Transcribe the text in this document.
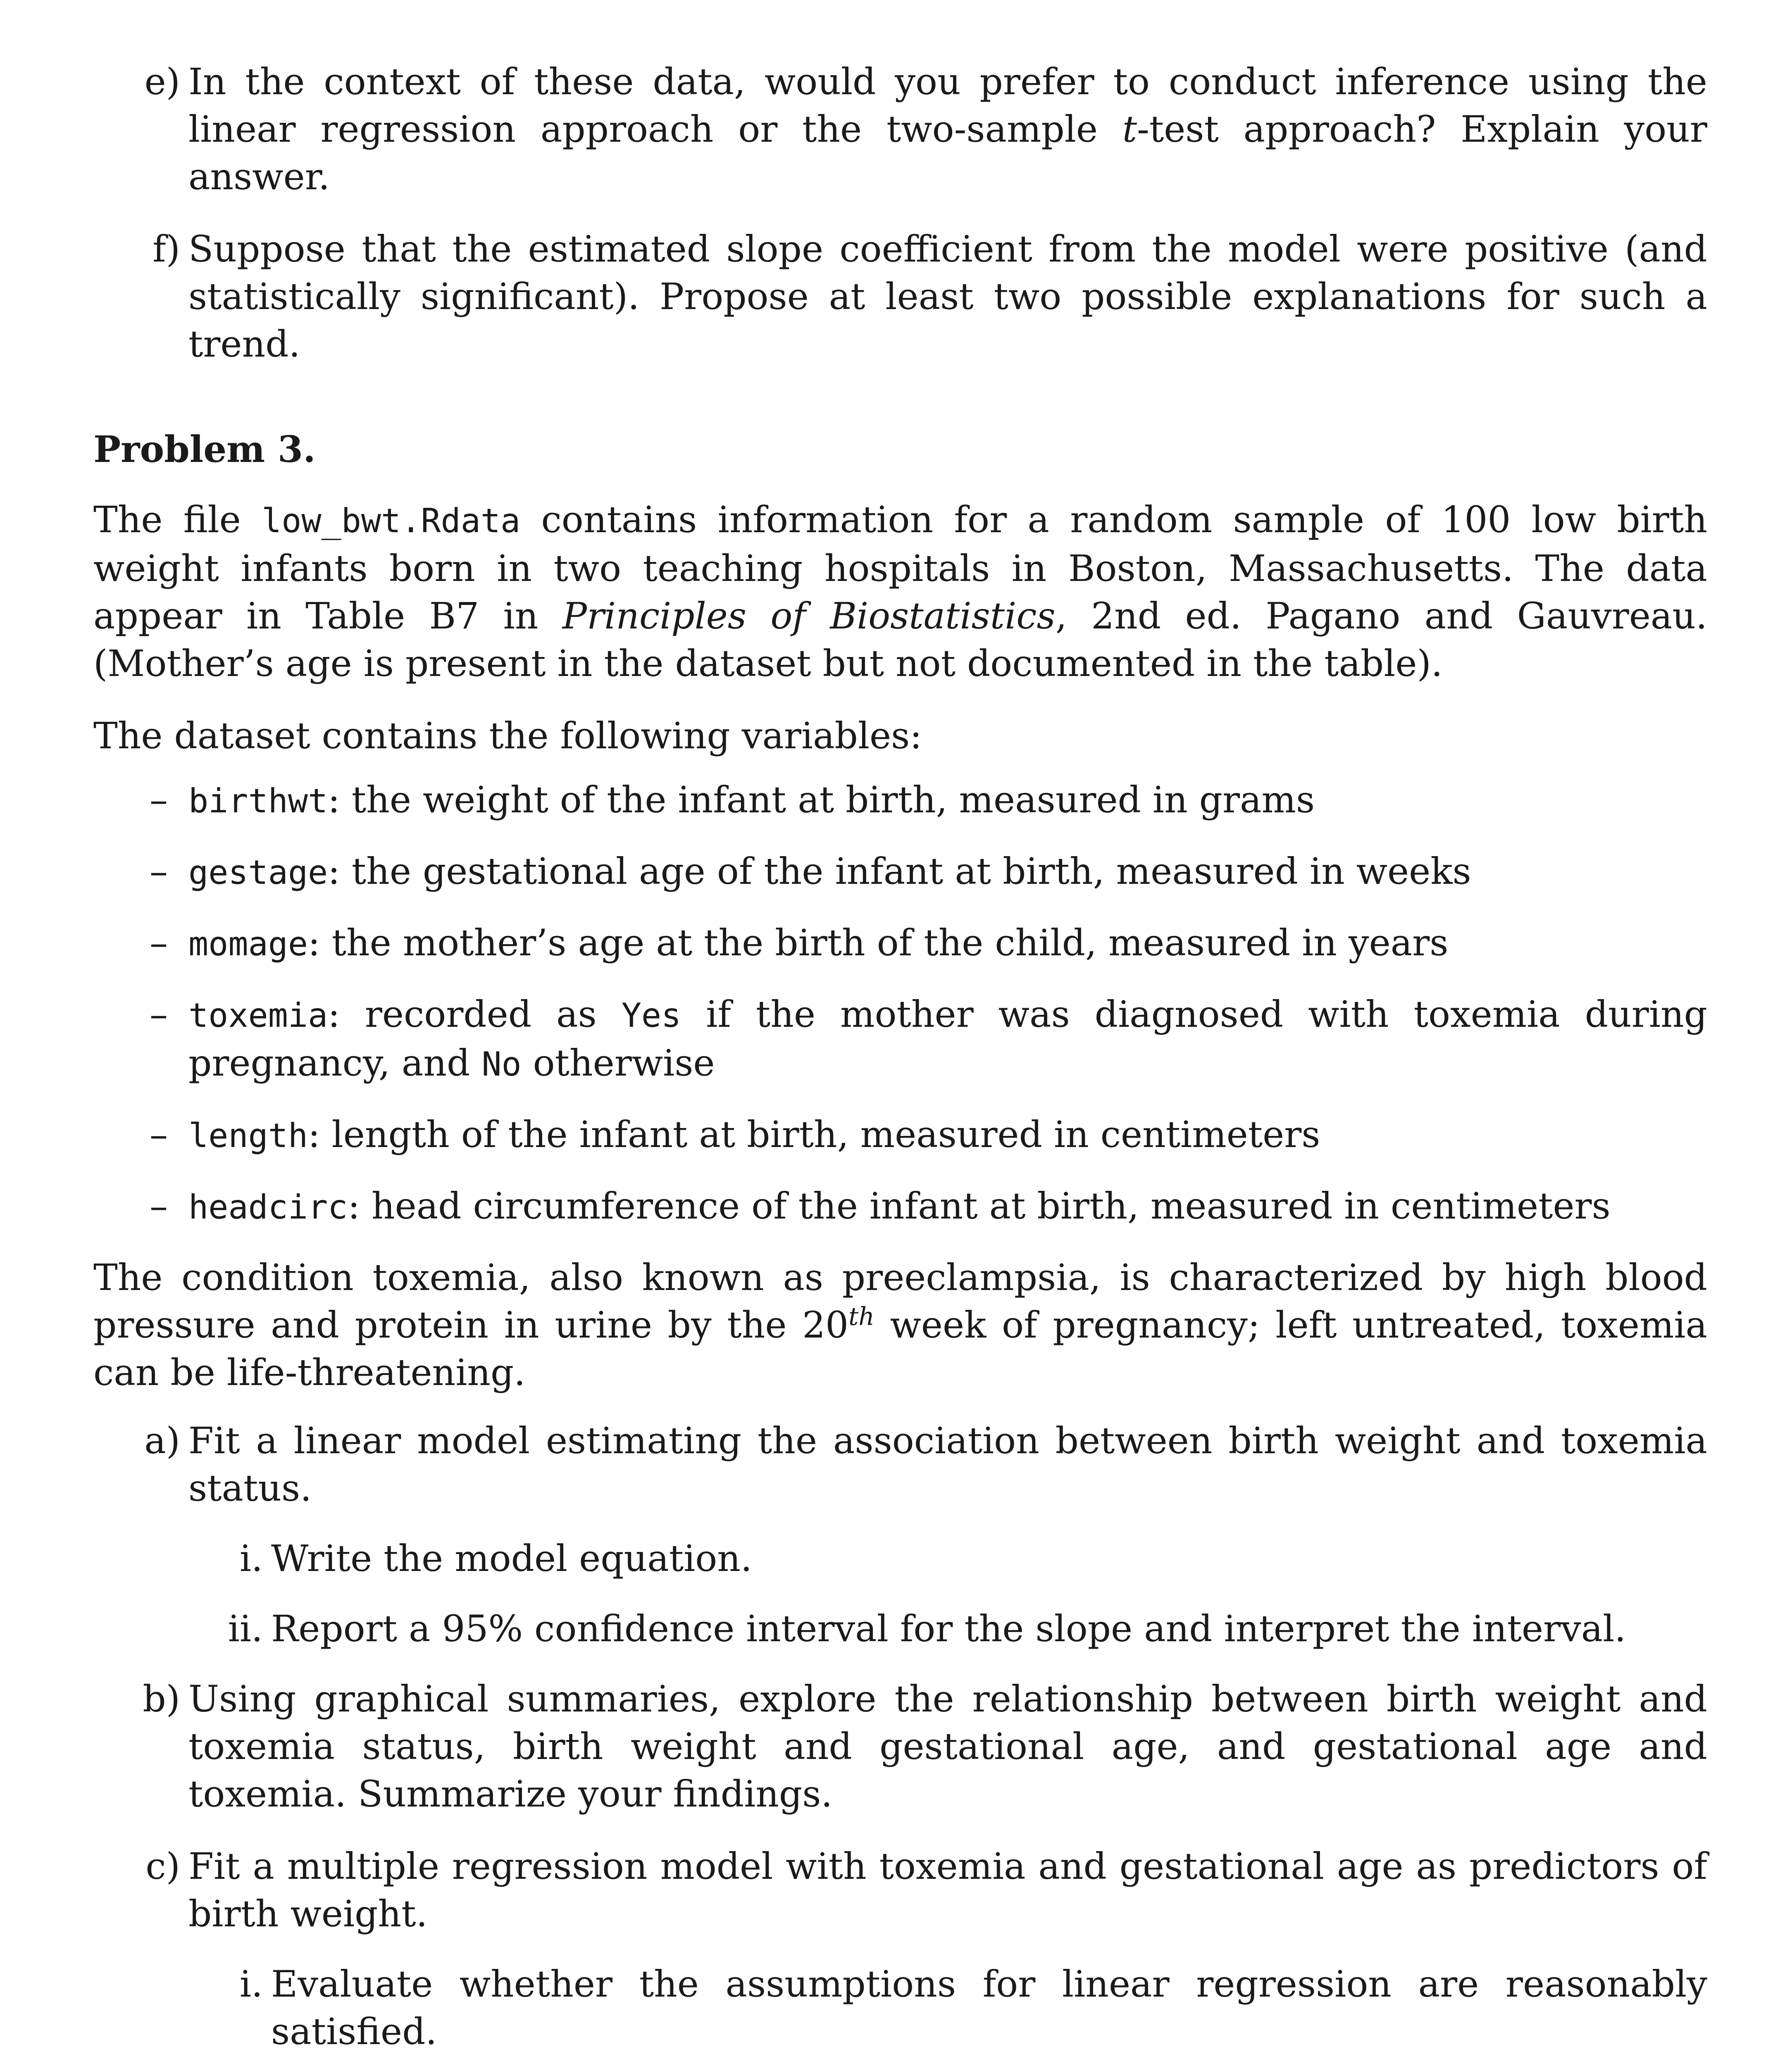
e) In the context of these data, would you prefer to conduct inference using the linear regression approach or the two-sample t-test approach? Explain your answer.
f) Suppose that the estimated slope coefficient from the model were positive (and statistically significant). Propose at least two possible explanations for such a trend.
Problem 3.

The file low_bwt.Rdata contains information for a random sample of 100 low birth weight infants born in two teaching hospitals in Boston, Massachusetts. The data appear in Table B7 in Principles of Biostatistics, 2nd ed. Pagano and Gauvreau. (Mother’s age is present in the dataset but not documented in the table).

The dataset contains the following variables:

– birthwt: the weight of the infant at birth, measured in grams
– gestage: the gestational age of the infant at birth, measured in weeks
– momage: the mother’s age at the birth of the child, measured in years
– toxemia: recorded as Yes if the mother was diagnosed with toxemia during pregnancy, and No otherwise
– length: length of the infant at birth, measured in centimeters
– headcirc: head circumference of the infant at birth, measured in centimeters

The condition toxemia, also known as preeclampsia, is characterized by high blood pressure and protein in urine by the 20th week of pregnancy; left untreated, toxemia can be life-threatening.

a) Fit a linear model estimating the association between birth weight and toxemia status.
i. Write the model equation.
ii. Report a 95% confidence interval for the slope and interpret the interval.
b) Using graphical summaries, explore the relationship between birth weight and toxemia status, birth weight and gestational age, and gestational age and toxemia. Summarize your findings.
c) Fit a multiple regression model with toxemia and gestational age as predictors of birth weight.
i. Evaluate whether the assumptions for linear regression are reasonably satisfied.
